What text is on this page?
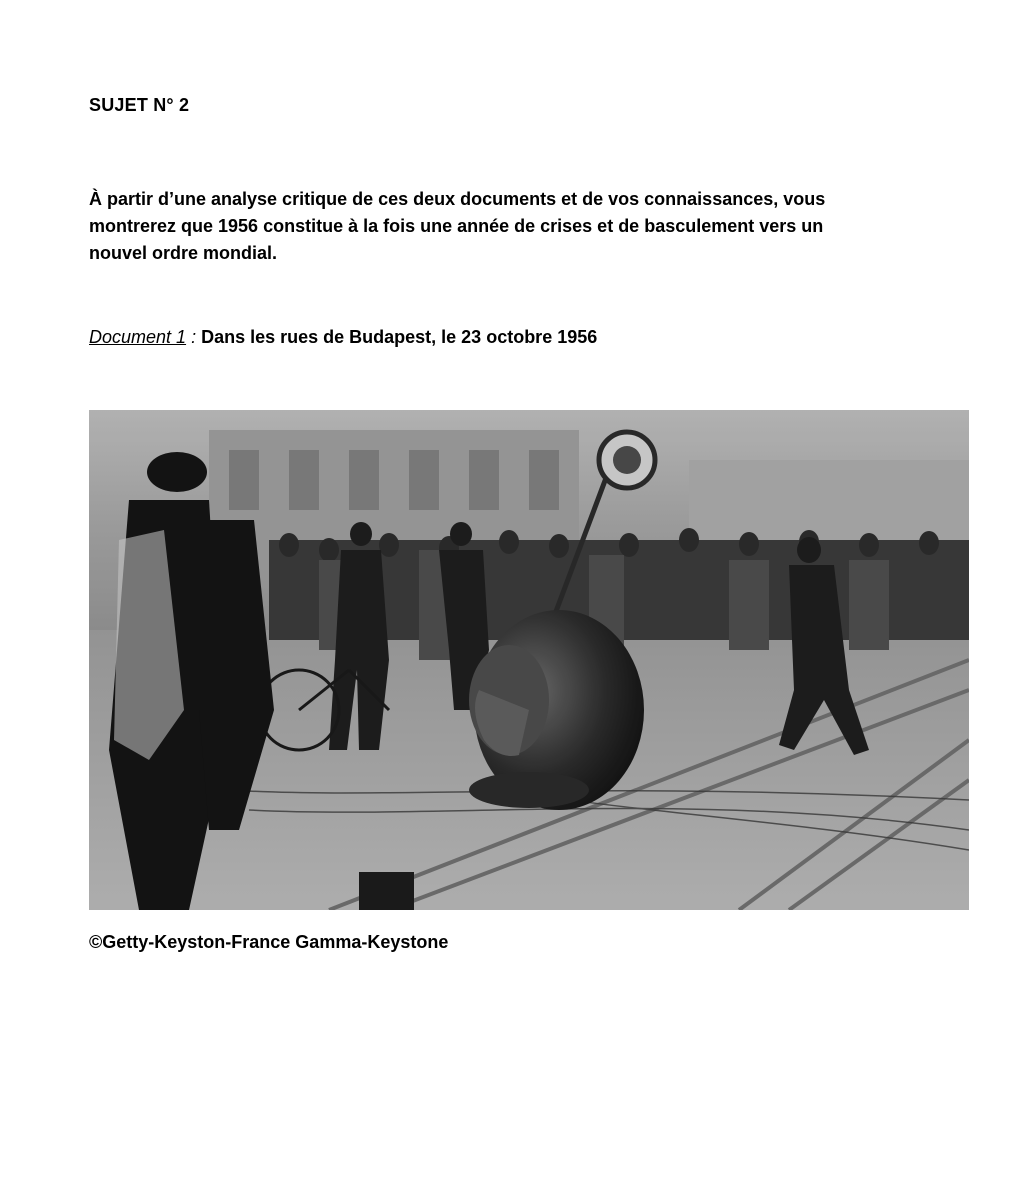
SUJET N° 2

À partir d’une analyse critique de ces deux documents et de vos connaissances, vous
montrerez que 1956 constitue à la fois une année de crises et de basculement vers un
nouvel ordre mondial.

Document 1 : Dans les rues de Budapest, le 23 octobre 1956
©Getty-Keyston-France Gamma-Keystone
